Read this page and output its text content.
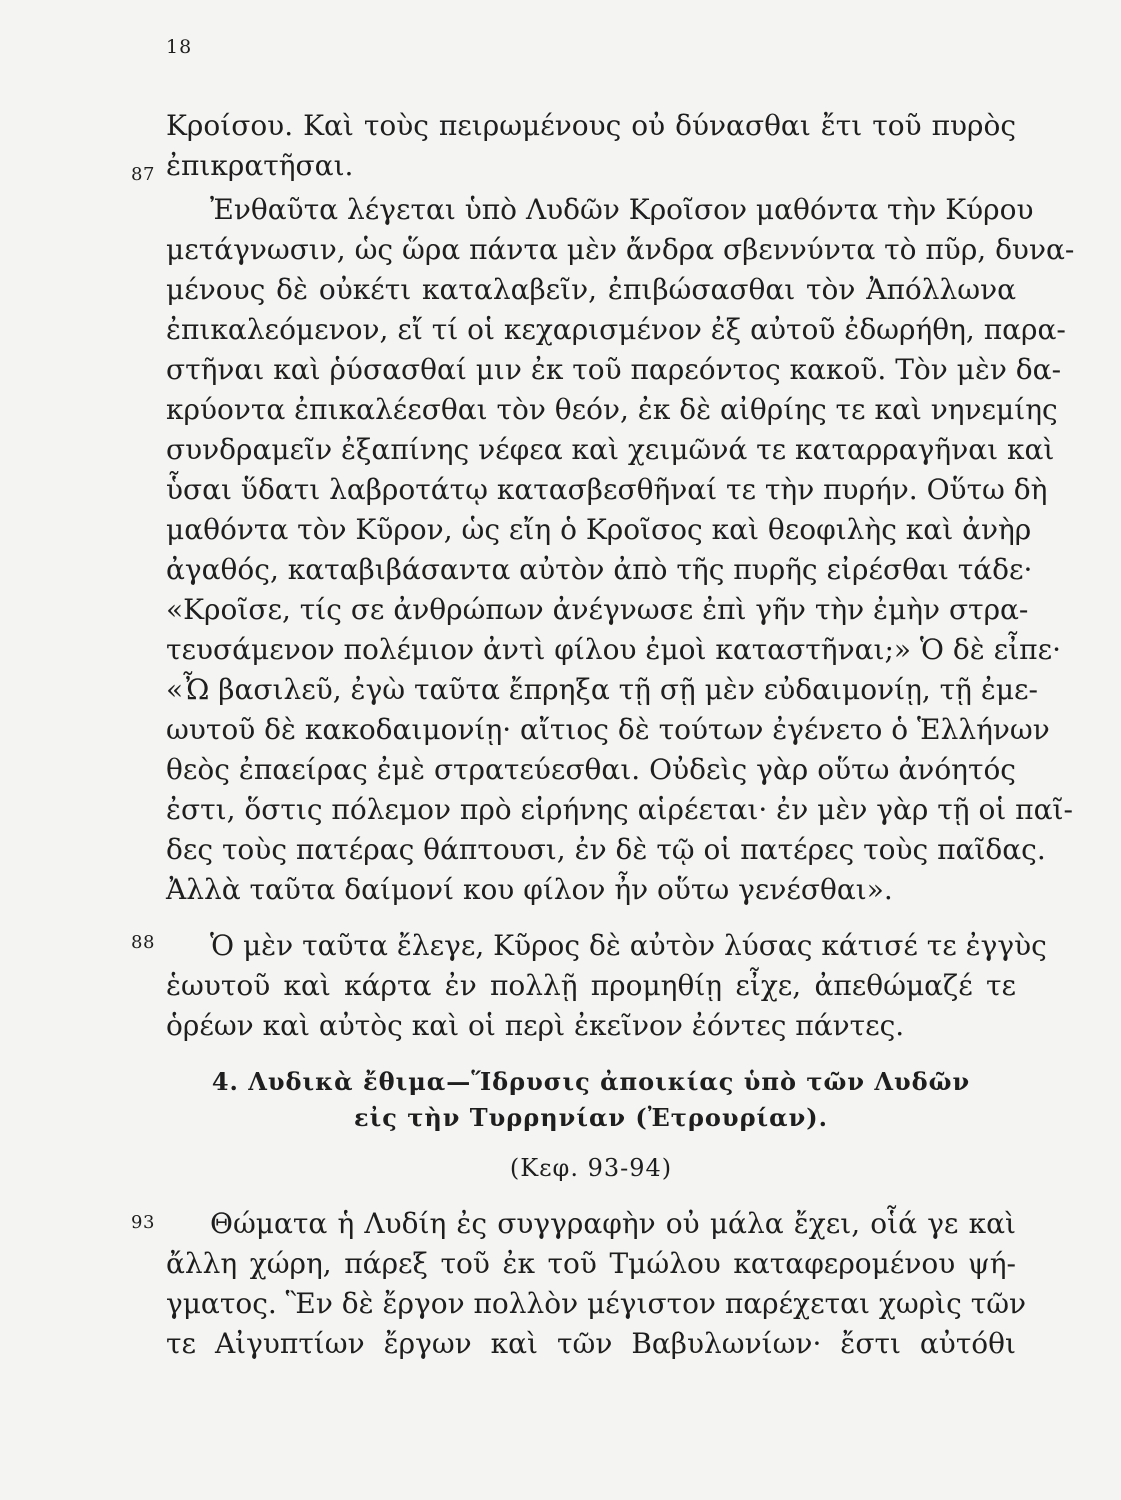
18
Κροίσου. Καὶ τοὺς πειρωμένους οὐ δύνασθαι ἔτι τοῦ πυρὸς
ἐπικρατῆσαι.
87
Ἐνθαῦτα λέγεται ὑπὸ Λυδῶν Κροῖσον μαθόντα τὴν Κύρου
μετάγνωσιν, ὡς ὥρα πάντα μὲν ἄνδρα σβεννύντα τὸ πῦρ, δυνα-
μένους δὲ οὐκέτι καταλαβεῖν, ἐπιβώσασθαι τὸν Ἀπόλλωνα
ἐπικαλεόμενον, εἴ τί οἱ κεχαρισμένον ἐξ αὐτοῦ ἐδωρήθη, παρα-
στῆναι καὶ ῥύσασθαί μιν ἐκ τοῦ παρεόντος κακοῦ. Τὸν μὲν δα-
κρύοντα ἐπικαλέεσθαι τὸν θεόν, ἐκ δὲ αἰθρίης τε καὶ νηνεμίης
συνδραμεῖν ἐξαπίνης νέφεα καὶ χειμῶνά τε καταρραγῆναι καὶ
ὗσαι ὕδατι λαβροτάτῳ κατασβεσθῆναί τε τὴν πυρήν. Οὕτω δὴ
μαθόντα τὸν Κῦρον, ὡς εἴη ὁ Κροῖσος καὶ θεοφιλὴς καὶ ἀνὴρ
ἀγαθός, καταβιβάσαντα αὐτὸν ἀπὸ τῆς πυρῆς εἰρέσθαι τάδε·
«Κροῖσε, τίς σε ἀνθρώπων ἀνέγνωσε ἐπὶ γῆν τὴν ἐμὴν στρα-
τευσάμενον πολέμιον ἀντὶ φίλου ἐμοὶ καταστῆναι;» Ὁ δὲ εἶπε·
«Ὦ βασιλεῦ, ἐγὼ ταῦτα ἔπρηξα τῇ σῇ μὲν εὐδαιμονίῃ, τῇ ἐμε-
ωυτοῦ δὲ κακοδαιμονίῃ· αἴτιος δὲ τούτων ἐγένετο ὁ Ἑλλήνων
θεὸς ἐπαείρας ἐμὲ στρατεύεσθαι. Οὐδεὶς γὰρ οὕτω ἀνόητός
ἐστι, ὅστις πόλεμον πρὸ εἰρήνης αἱρέεται· ἐν μὲν γὰρ τῇ οἱ παῖ-
δες τοὺς πατέρας θάπτουσι, ἐν δὲ τῷ οἱ πατέρες τοὺς παῖδας.
Ἀλλὰ ταῦτα δαίμονί κου φίλον ἦν οὕτω γενέσθαι».
88	Ὁ μὲν ταῦτα ἔλεγε, Κῦρος δὲ αὐτὸν λύσας κάτισέ τε ἐγγὺς
ἑωυτοῦ καὶ κάρτα ἐν πολλῇ προμηθίῃ εἶχε, ἀπεθώμαζέ τε
ὁρέων καὶ αὐτὸς καὶ οἱ περὶ ἐκεῖνον ἐόντες πάντες.
4. Λυδικὰ ἔθιμα—Ἵδρυσις ἀποικίας ὑπὸ τῶν Λυδῶν
εἰς τὴν Τυρρηνίαν (Ἐτρουρίαν).
(Κεφ. 93-94)
93	Θώματα ἡ Λυδίη ἐς συγγραφὴν οὐ μάλα ἔχει, οἷά γε καὶ
ἄλλη χώρη, πάρεξ τοῦ ἐκ τοῦ Τμώλου καταφερομένου ψή-
γματος. Ἓν δὲ ἔργον πολλὸν μέγιστον παρέχεται χωρὶς τῶν
τε Αἰγυπτίων ἔργων καὶ τῶν Βαβυλωνίων· ἔστι αὐτόθι
